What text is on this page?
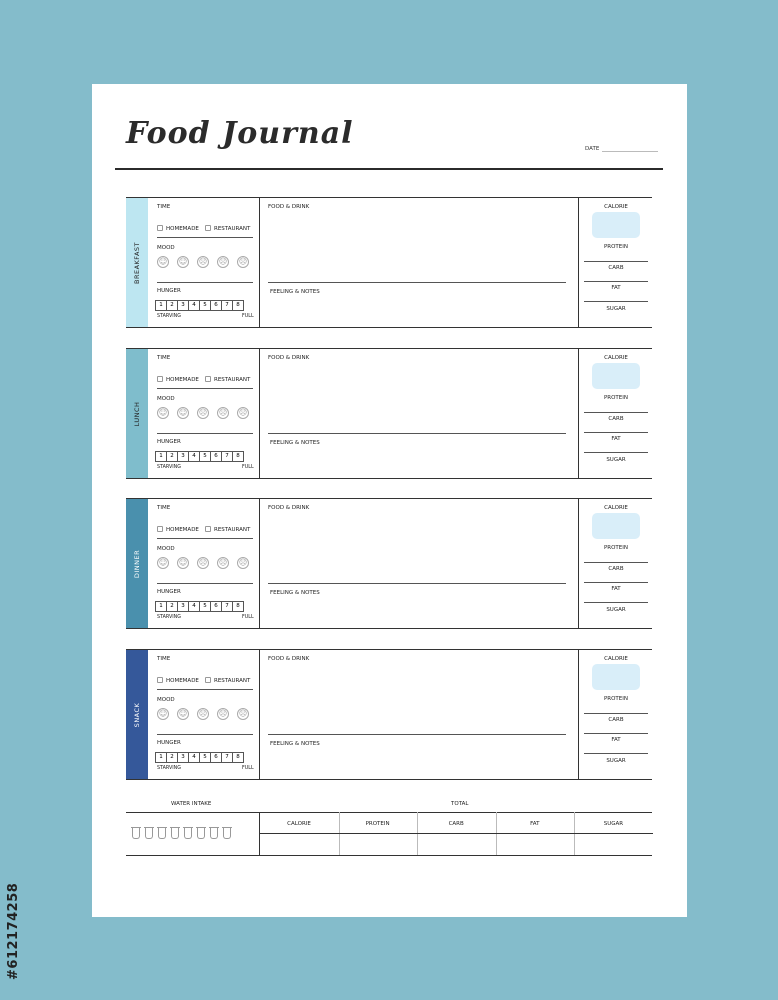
Food Journal	DATE
BREAKFAST
TIME
HOMEMADE	RESTAURANT
MOOD
☺ ☺ ☹ ☹ ☹
HUNGER
1	2	3	4	5	6	7	8
STARVING	FULL
FOOD & DRINK
FEELING & NOTES
CALORIE
PROTEIN
CARB
FAT
SUGAR
LUNCH
TIME
HOMEMADE	RESTAURANT
MOOD
☺ ☺ ☹ ☹ ☹
HUNGER
1	2	3	4	5	6	7	8
STARVING	FULL
FOOD & DRINK
FEELING & NOTES
CALORIE
PROTEIN
CARB
FAT
SUGAR
DINNER
TIME
HOMEMADE	RESTAURANT
MOOD
☺ ☺ ☹ ☹ ☹
HUNGER
1	2	3	4	5	6	7	8
STARVING	FULL
FOOD & DRINK
FEELING & NOTES
CALORIE
PROTEIN
CARB
FAT
SUGAR
SNACK
TIME
HOMEMADE	RESTAURANT
MOOD
☺ ☺ ☹ ☹ ☹
HUNGER
1	2	3	4	5	6	7	8
STARVING	FULL
FOOD & DRINK
FEELING & NOTES
CALORIE
PROTEIN
CARB
FAT
SUGAR
WATER INTAKE	TOTAL
CALORIE	PROTEIN	CARB	FAT	SUGAR
#612174258
